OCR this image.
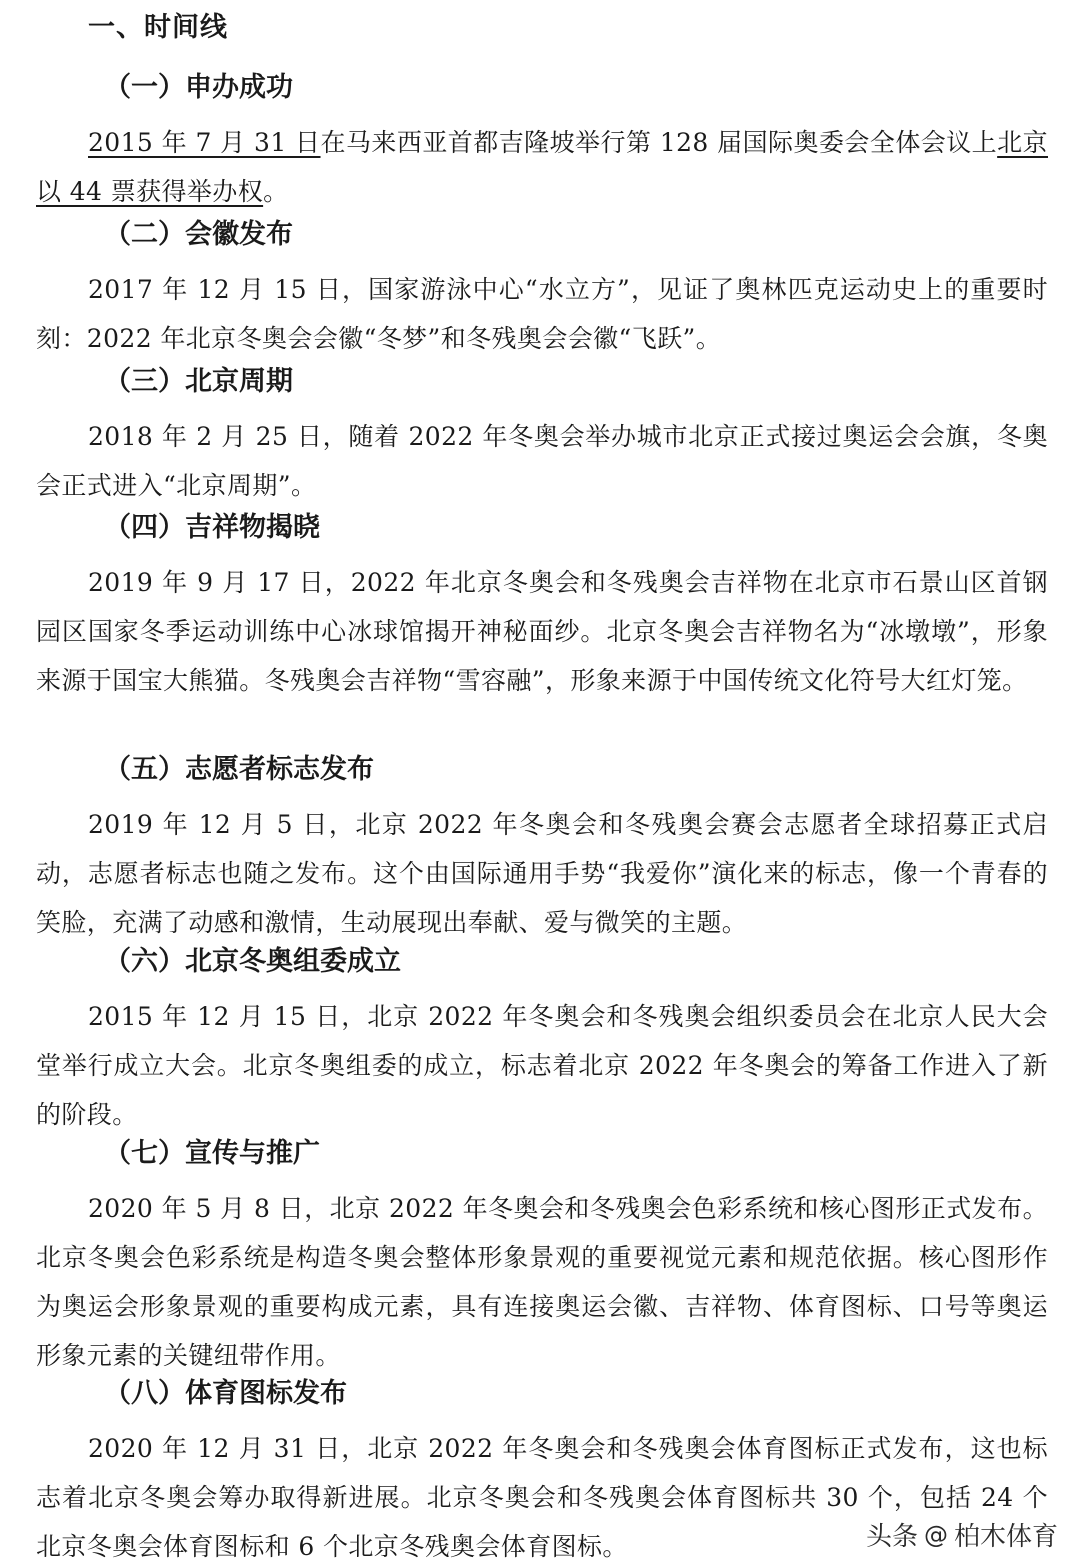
一、时间线
（一）申办成功
2015 年 7 月 31 日在马来西亚首都吉隆坡举行第 128 届国际奥委会全体会议上北京以 44 票获得举办权。
（二）会徽发布
2017 年 12 月 15 日，国家游泳中心“水立方”，见证了奥林匹克运动史上的重要时刻：2022 年北京冬奥会会徽“冬梦”和冬残奥会会徽“飞跃”。
（三）北京周期
2018 年 2 月 25 日，随着 2022 年冬奥会举办城市北京正式接过奥运会会旗，冬奥会正式进入“北京周期”。
（四）吉祥物揭晓
2019 年 9 月 17 日，2022 年北京冬奥会和冬残奥会吉祥物在北京市石景山区首钢园区国家冬季运动训练中心冰球馆揭开神秘面纱。北京冬奥会吉祥物名为“冰墩墩”，形象来源于国宝大熊猫。冬残奥会吉祥物“雪容融”，形象来源于中国传统文化符号大红灯笼。
（五）志愿者标志发布
2019 年 12 月 5 日，北京 2022 年冬奥会和冬残奥会赛会志愿者全球招募正式启动，志愿者标志也随之发布。这个由国际通用手势“我爱你”演化来的标志，像一个青春的笑脸，充满了动感和激情，生动展现出奉献、爱与微笑的主题。
（六）北京冬奥组委成立
2015 年 12 月 15 日，北京 2022 年冬奥会和冬残奥会组织委员会在北京人民大会堂举行成立大会。北京冬奥组委的成立，标志着北京 2022 年冬奥会的筹备工作进入了新的阶段。
（七）宣传与推广
2020 年 5 月 8 日，北京 2022 年冬奥会和冬残奥会色彩系统和核心图形正式发布。北京冬奥会色彩系统是构造冬奥会整体形象景观的重要视觉元素和规范依据。核心图形作为奥运会形象景观的重要构成元素，具有连接奥运会徽、吉祥物、体育图标、口号等奥运形象元素的关键纽带作用。
（八）体育图标发布
2020 年 12 月 31 日，北京 2022 年冬奥会和冬残奥会体育图标正式发布，这也标志着北京冬奥会筹办取得新进展。北京冬奥会和冬残奥会体育图标共 30 个，包括 24 个北京冬奥会体育图标和 6 个北京冬残奥会体育图标。	头条 @ 柏木体育
